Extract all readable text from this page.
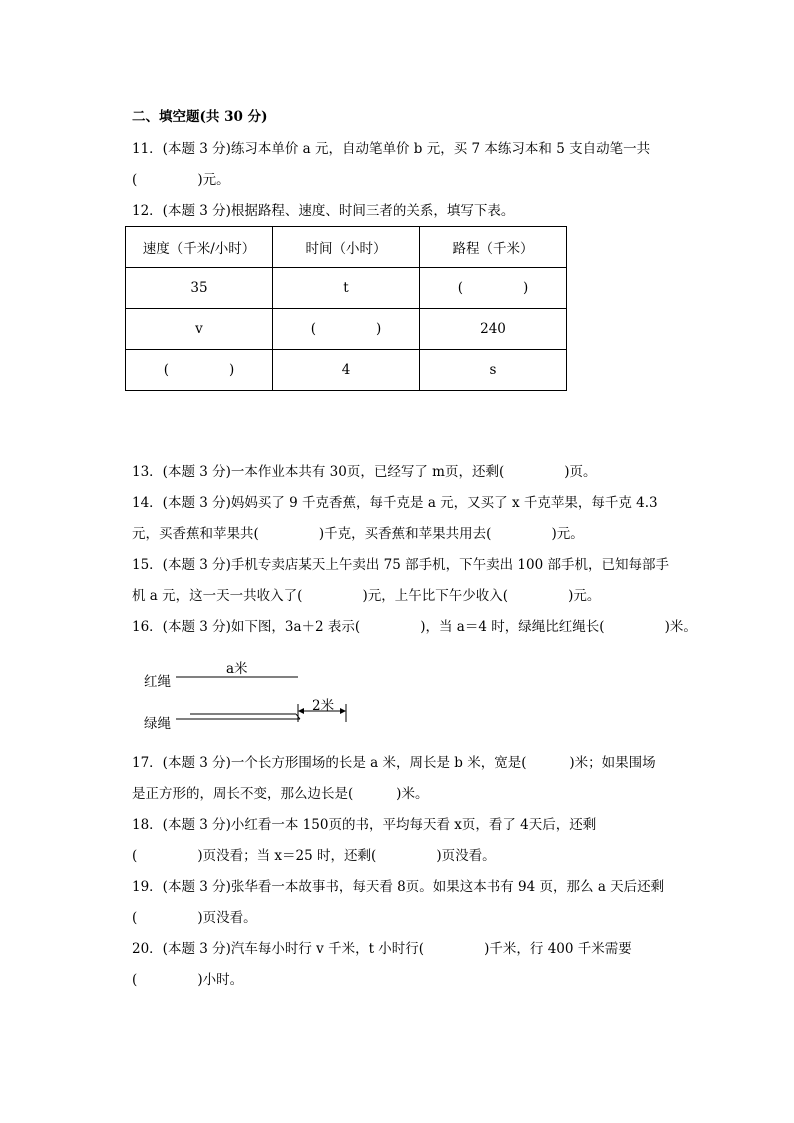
二、填空题(共 30 分)
11．(本题 3 分)练习本单价 a 元，自动笔单价 b 元，买 7 本练习本和 5 支自动笔一共
(              )元。
12．(本题 3 分)根据路程、速度、时间三者的关系，填写下表。
速度（千米/小时）	时间（小时）	路程（千米）
35	t	(              )
v	(              )	240
(              )	4	s
13．(本题 3 分)一本作业本共有 30页，已经写了 m页，还剩(              )页。
14．(本题 3 分)妈妈买了 9 千克香蕉，每千克是 a 元，又买了 x 千克苹果，每千克 4.3
元，买香蕉和苹果共(              )千克，买香蕉和苹果共用去(              )元。
15．(本题 3 分)手机专卖店某天上午卖出 75 部手机，下午卖出 100 部手机，已知每部手
机 a 元，这一天一共收入了(              )元，上午比下午少收入(              )元。
16．(本题 3 分)如下图，3a＋2 表示(              )，当 a＝4 时，绿绳比红绳长(              )米。
红绳
a米
绿绳
2米
17．(本题 3 分)一个长方形围场的长是 a 米，周长是 b 米，宽是(          )米；如果围场
是正方形的，周长不变，那么边长是(          )米。
18．(本题 3 分)小红看一本 150页的书，平均每天看 x页，看了 4天后，还剩
(              )页没看；当 x＝25 时，还剩(              )页没看。
19．(本题 3 分)张华看一本故事书，每天看 8页。如果这本书有 94 页，那么 a 天后还剩
(              )页没看。
20．(本题 3 分)汽车每小时行 v 千米，t 小时行(              )千米，行 400 千米需要
(              )小时。
